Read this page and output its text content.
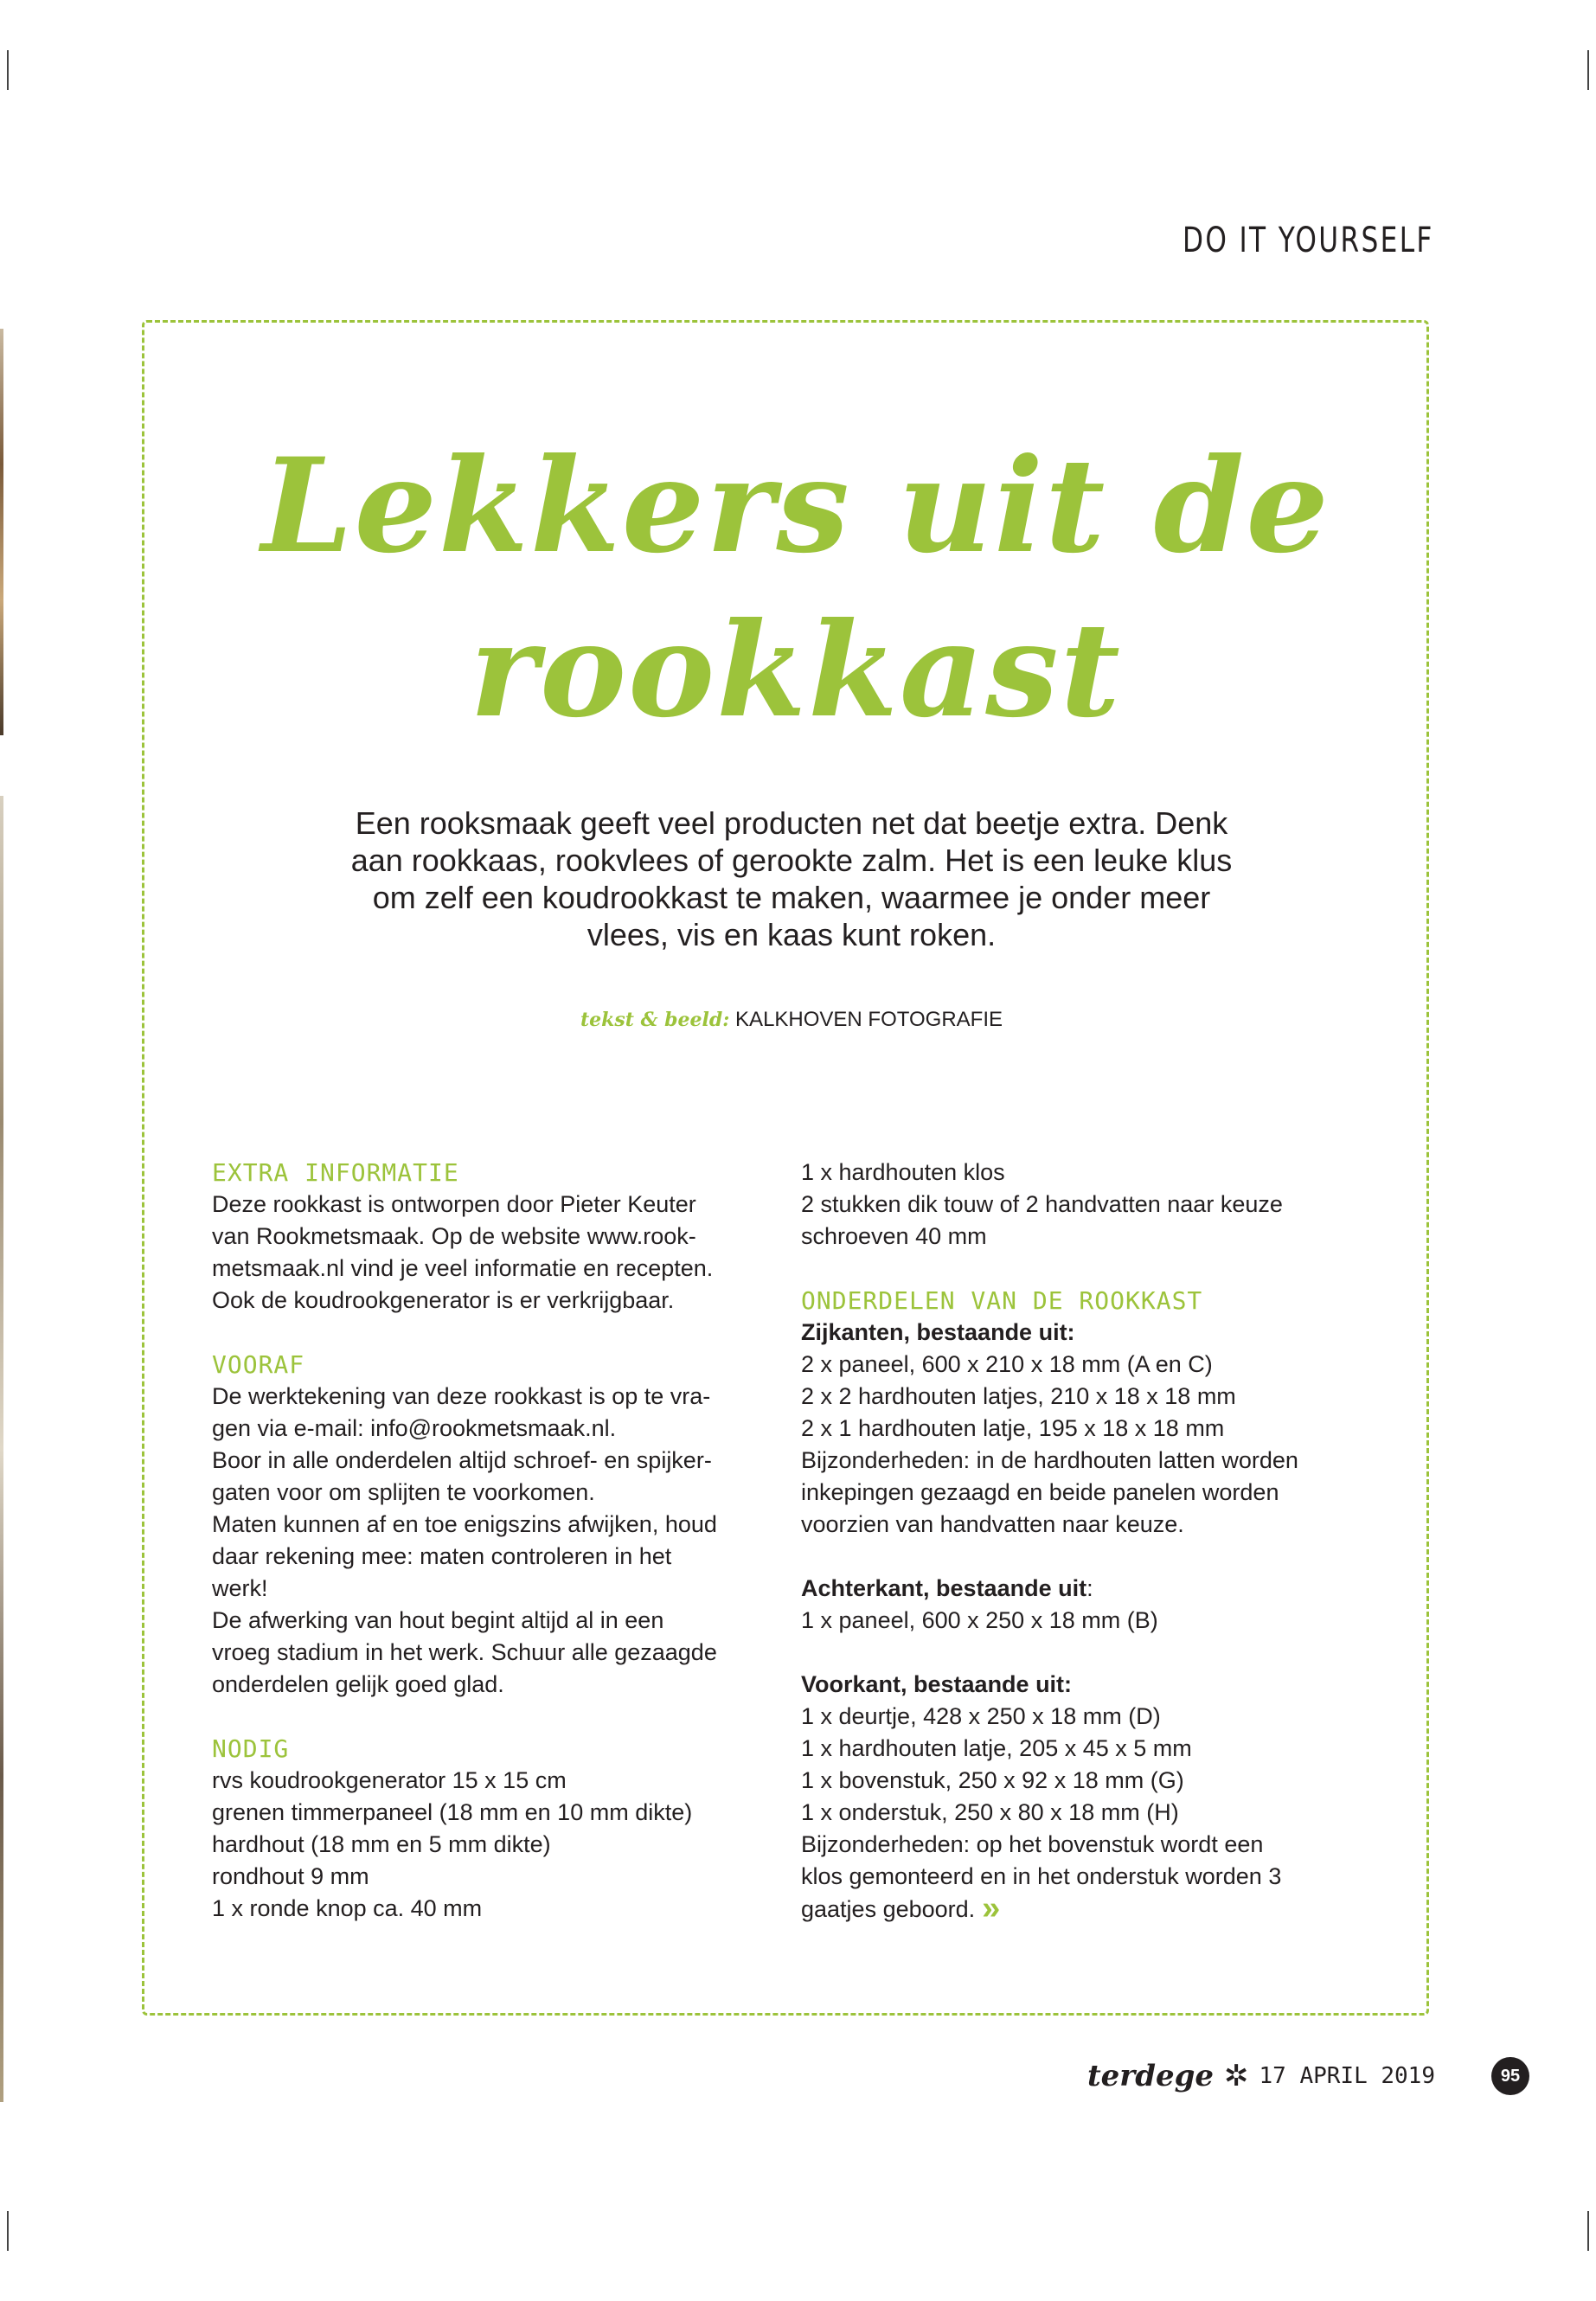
DO IT YOURSELF
Lekkers uit de
rookkast

Een rooksmaak geeft veel producten net dat beetje extra. Denk aan rookkaas, rookvlees of gerookte zalm. Het is een leuke klus om zelf een koudrookkast te maken, waarmee je onder meer vlees, vis en kaas kunt roken.

tekst & beeld: KALKHOVEN FOTOGRAFIE
EXTRA INFORMATIE
Deze rookkast is ontworpen door Pieter Keuter
van Rookmetsmaak. Op de website www.rook-
metsmaak.nl vind je veel informatie en recepten.
Ook de koudrookgenerator is er verkrijgbaar.
VOORAF
De werktekening van deze rookkast is op te vra-
gen via e-mail: info@rookmetsmaak.nl.
Boor in alle onderdelen altijd schroef- en spijker-
gaten voor om splijten te voorkomen.
Maten kunnen af en toe enigszins afwijken, houd
daar rekening mee: maten controleren in het
werk!
De afwerking van hout begint altijd al in een
vroeg stadium in het werk. Schuur alle gezaagde
onderdelen gelijk goed glad.
NODIG
rvs koudrookgenerator 15 x 15 cm
grenen timmerpaneel (18 mm en 10 mm dikte)
hardhout (18 mm en 5 mm dikte)
rondhout 9 mm
1 x ronde knop ca. 40 mm
1 x hardhouten klos
2 stukken dik touw of 2 handvatten naar keuze
schroeven 40 mm
ONDERDELEN VAN DE ROOKKAST
Zijkanten, bestaande uit:
2 x paneel, 600 x 210 x 18 mm (A en C)
2 x 2 hardhouten latjes, 210 x 18 x 18 mm
2 x 1 hardhouten latje, 195 x 18 x 18 mm
Bijzonderheden: in de hardhouten latten worden
inkepingen gezaagd en beide panelen worden
voorzien van handvatten naar keuze.
Achterkant, bestaande uit:
1 x paneel, 600 x 250 x 18 mm (B)
Voorkant, bestaande uit:
1 x deurtje, 428 x 250 x 18 mm (D)
1 x hardhouten latje, 205 x 45 x 5 mm
1 x bovenstuk, 250 x 92 x 18 mm (G)
1 x onderstuk, 250 x 80 x 18 mm (H)
Bijzonderheden: op het bovenstuk wordt een
klos gemonteerd en in het onderstuk worden 3
gaatjes geboord. »
terdege ✲ 17 APRIL 2019	95
